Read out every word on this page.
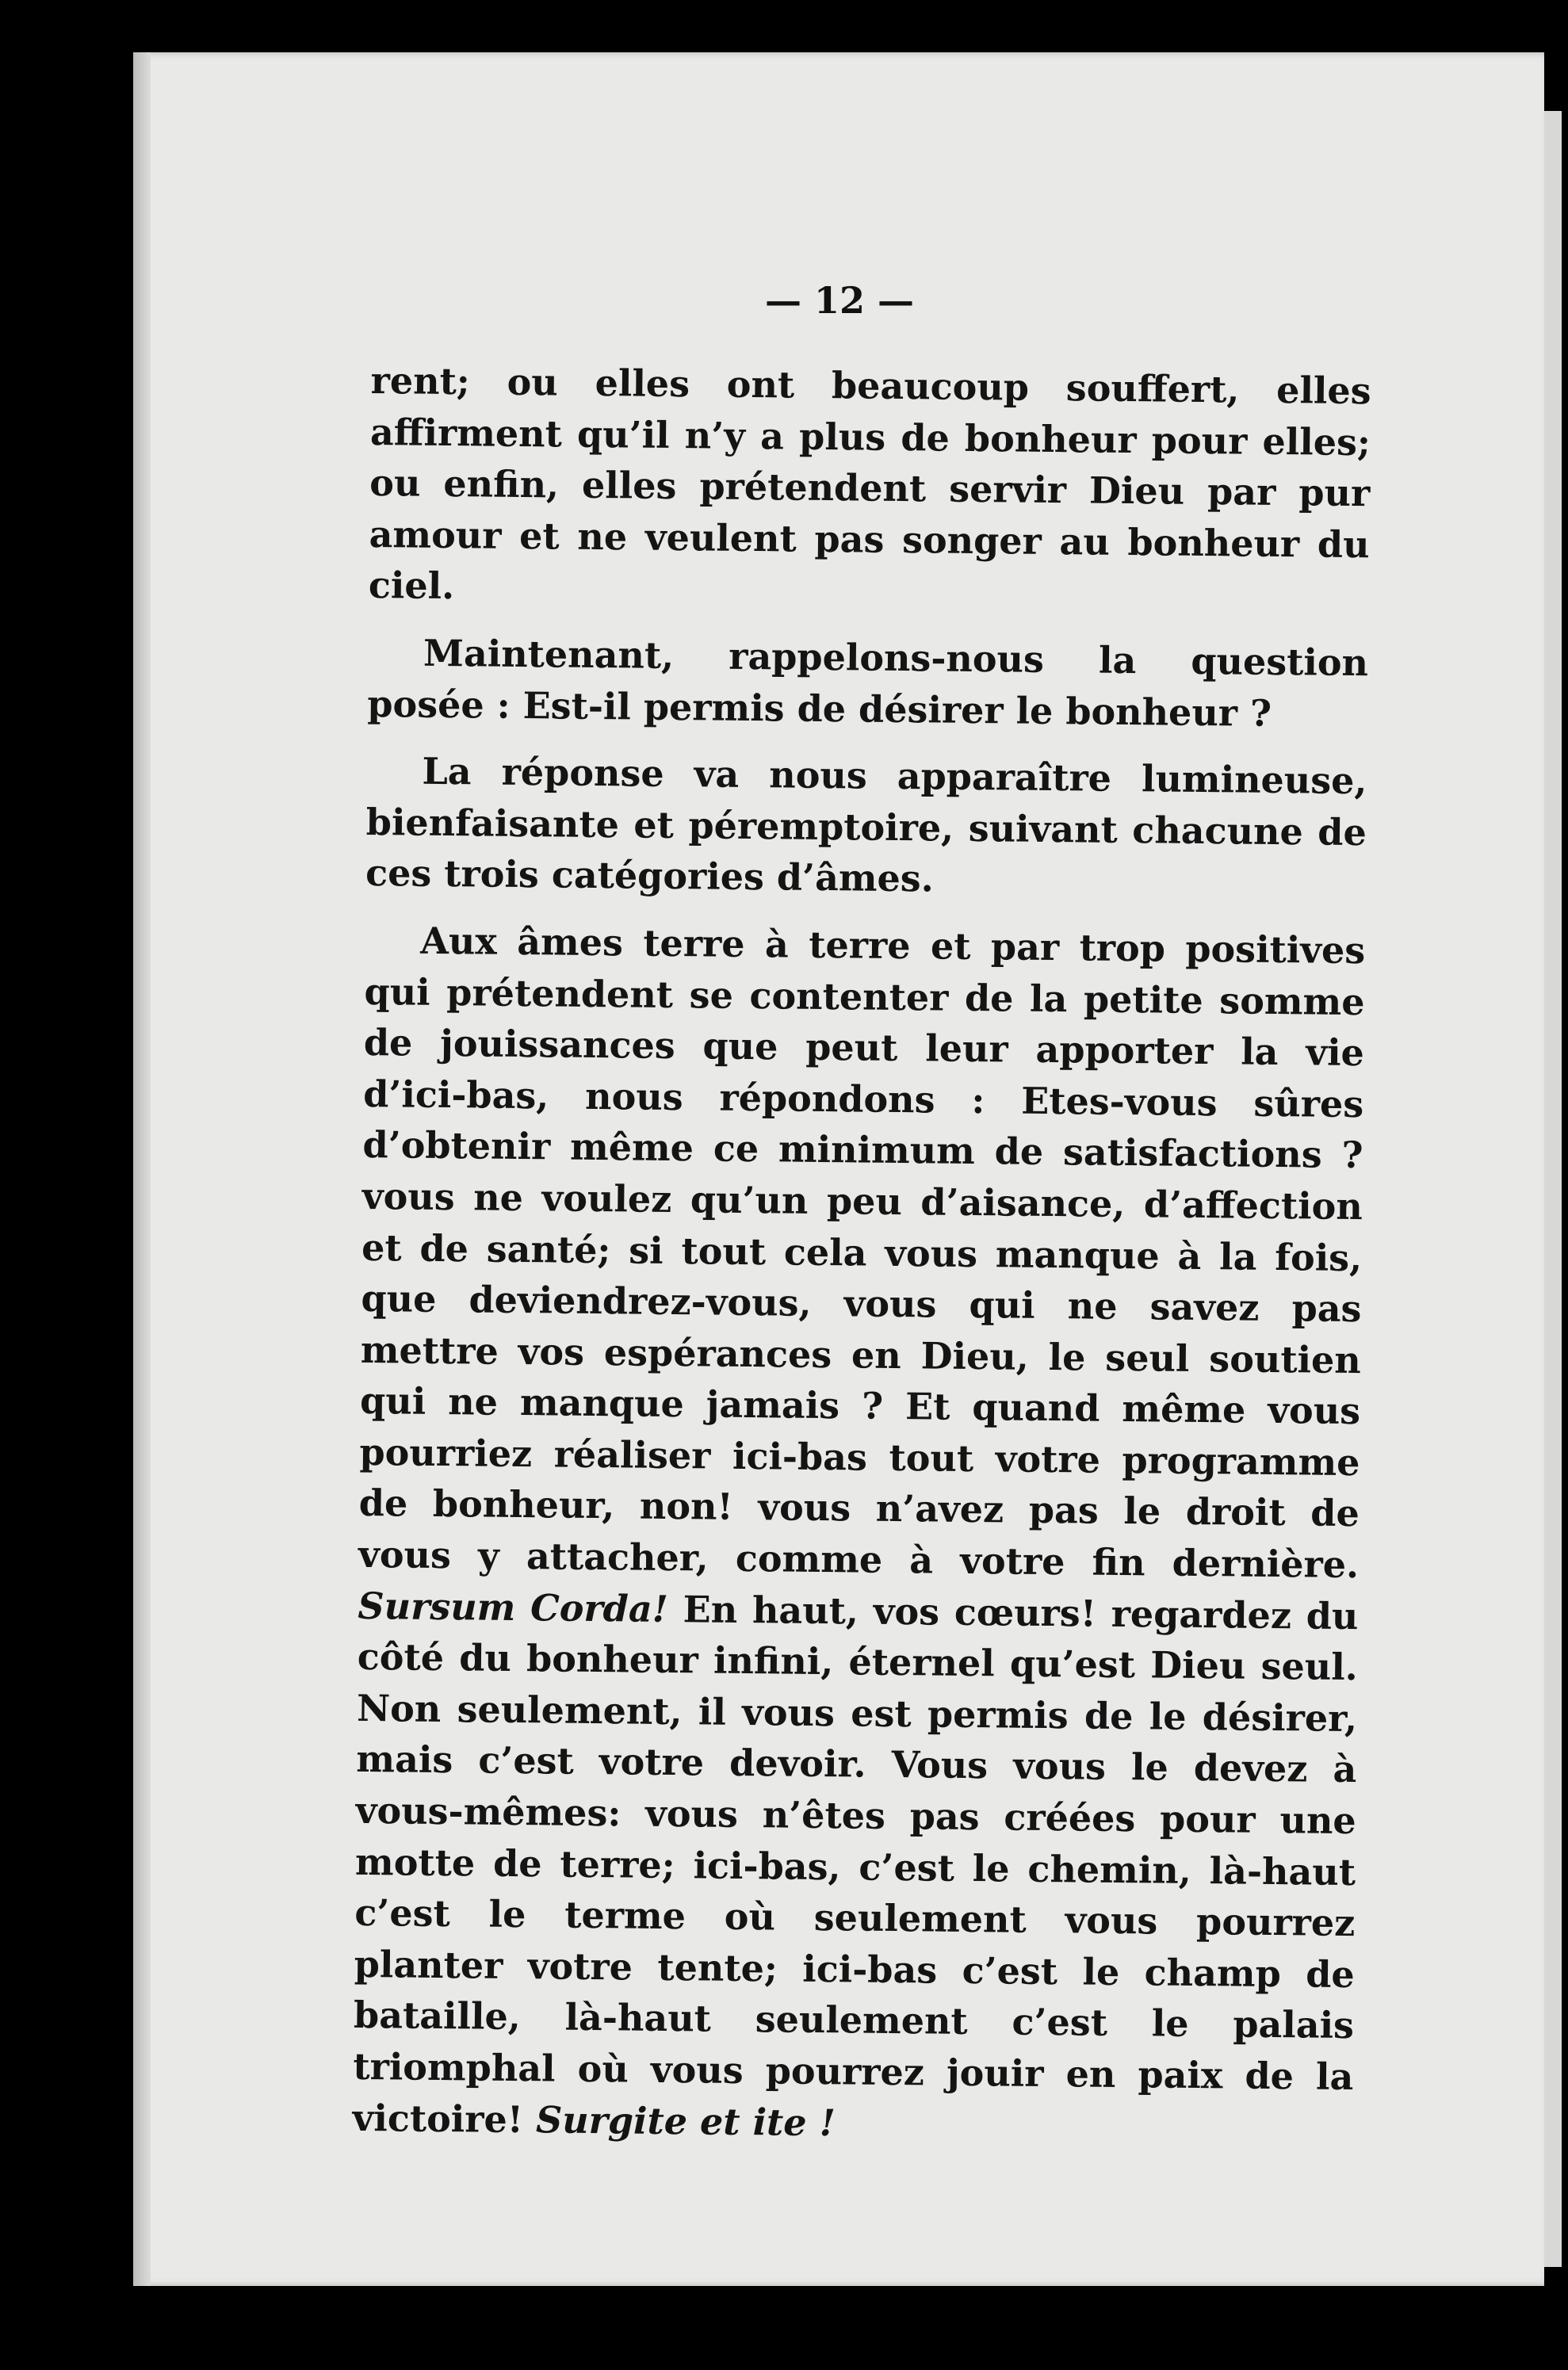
— 12 —

rent; ou elles ont beaucoup souffert, elles affirment qu’il n’y a plus de bonheur pour elles; ou enfin, elles prétendent servir Dieu par pur amour et ne veulent pas songer au bonheur du ciel.

Maintenant, rappelons-nous la question posée : Est-il permis de désirer le bonheur ?

La réponse va nous apparaître lumineuse, bienfaisante et péremptoire, suivant chacune de ces trois catégories d’âmes.

Aux âmes terre à terre et par trop positives qui prétendent se contenter de la petite somme de jouissances que peut leur apporter la vie d’ici-bas, nous répondons : Etes-vous sûres d’obtenir même ce minimum de satisfactions ? vous ne voulez qu’un peu d’aisance, d’affection et de santé; si tout cela vous manque à la fois, que deviendrez-vous, vous qui ne savez pas mettre vos espérances en Dieu, le seul soutien qui ne manque jamais ? Et quand même vous pourriez réaliser ici-bas tout votre programme de bonheur, non! vous n’avez pas le droit de vous y attacher, comme à votre fin dernière. Sursum Corda! En haut, vos cœurs! regardez du côté du bonheur infini, éternel qu’est Dieu seul. Non seulement, il vous est permis de le désirer, mais c’est votre devoir. Vous vous le devez à vous-mêmes: vous n’êtes pas créées pour une motte de terre; ici-bas, c’est le chemin, là-haut c’est le terme où seulement vous pourrez planter votre tente; ici-bas c’est le champ de bataille, là-haut seulement c’est le palais triomphal où vous pourrez jouir en paix de la victoire! Surgite et ite !
